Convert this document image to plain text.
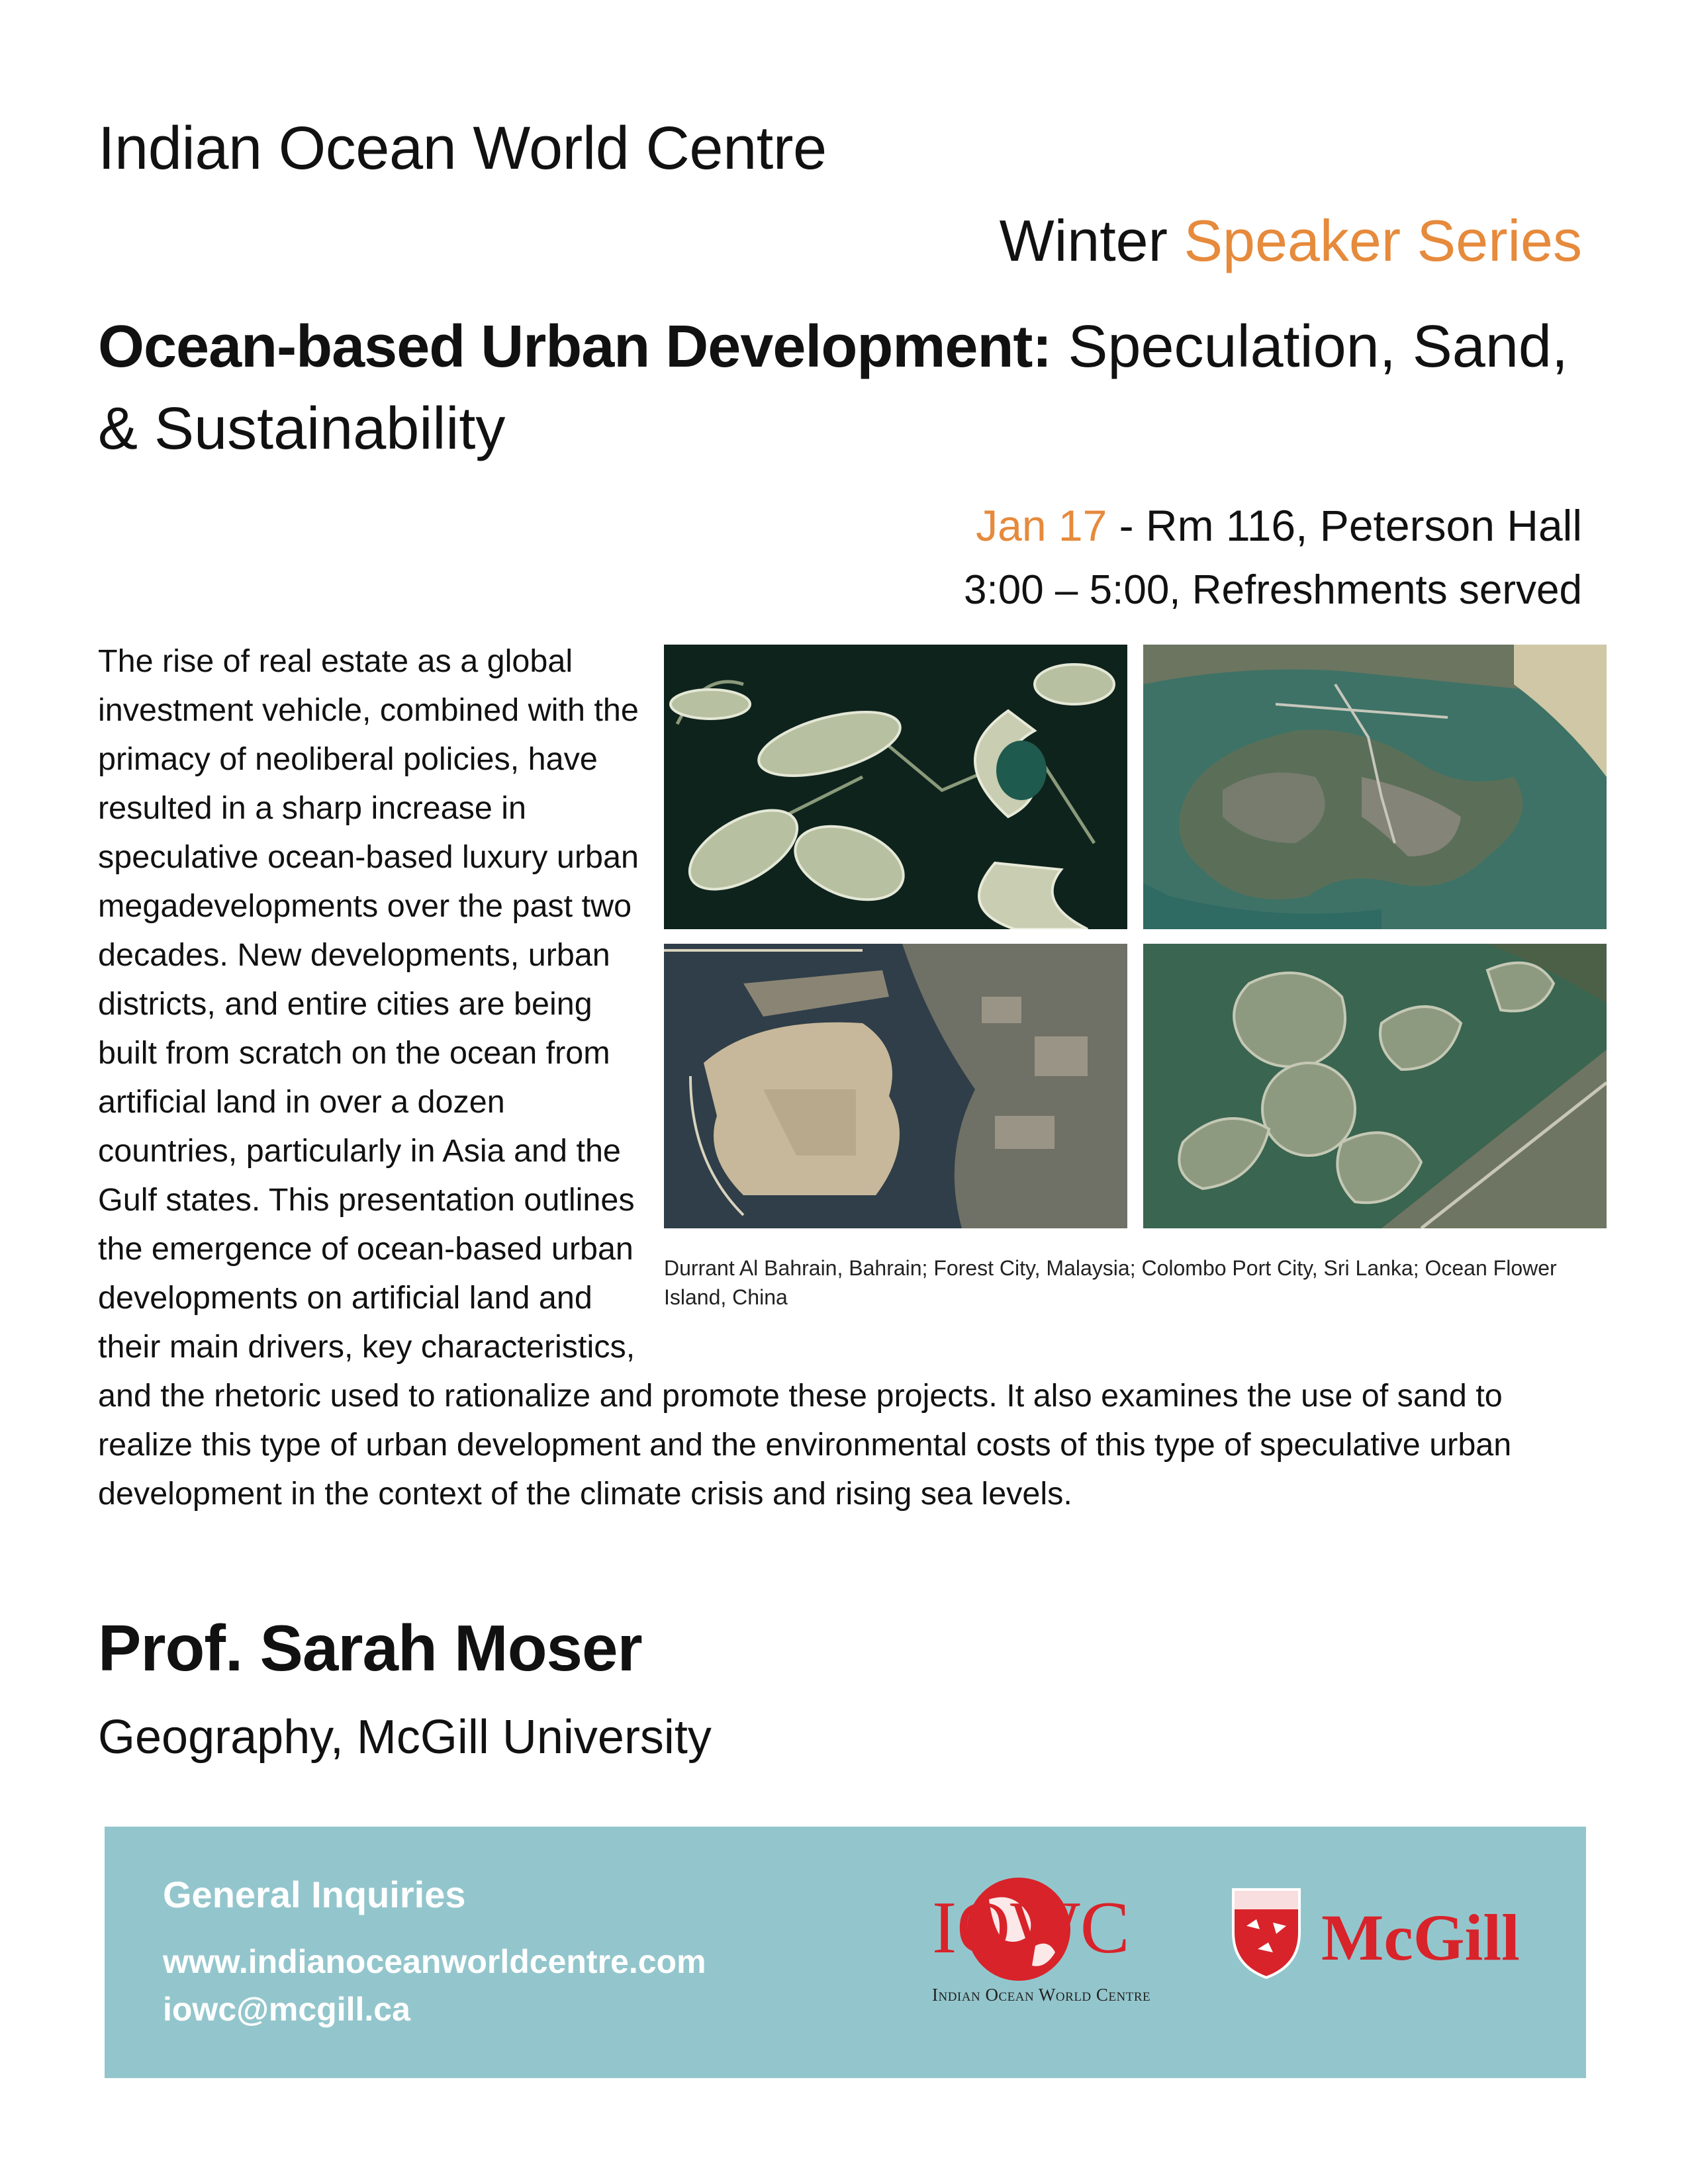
Indian Ocean World Centre
Winter Speaker Series
Ocean-based Urban Development: Speculation, Sand, & Sustainability
Jan 17 - Rm 116, Peterson Hall
3:00 – 5:00, Refreshments served
Durrant Al Bahrain, Bahrain; Forest City, Malaysia; Colombo Port City, Sri Lanka; Ocean Flower Island, China
The rise of real estate as a global investment vehicle, combined with the primacy of neoliberal policies, have resulted in a sharp increase in speculative ocean-based luxury urban megadevelopments over the past two decades. New developments, urban districts, and entire cities are being built from scratch on the ocean from artificial land in over a dozen countries, particularly in Asia and the Gulf states. This presentation outlines the emergence of ocean-based urban developments on artificial land and their main drivers, key characteristics, and the rhetoric used to rationalize and promote these projects. It also examines the use of sand to realize this type of urban development and the environmental costs of this type of speculative urban development in the context of the climate crisis and rising sea levels.
Prof. Sarah Moser
Geography, McGill University
General Inquiries
www.indianoceanworldcentre.com
iowc@mcgill.ca
IOWC
Indian Ocean World Centre
McGill
